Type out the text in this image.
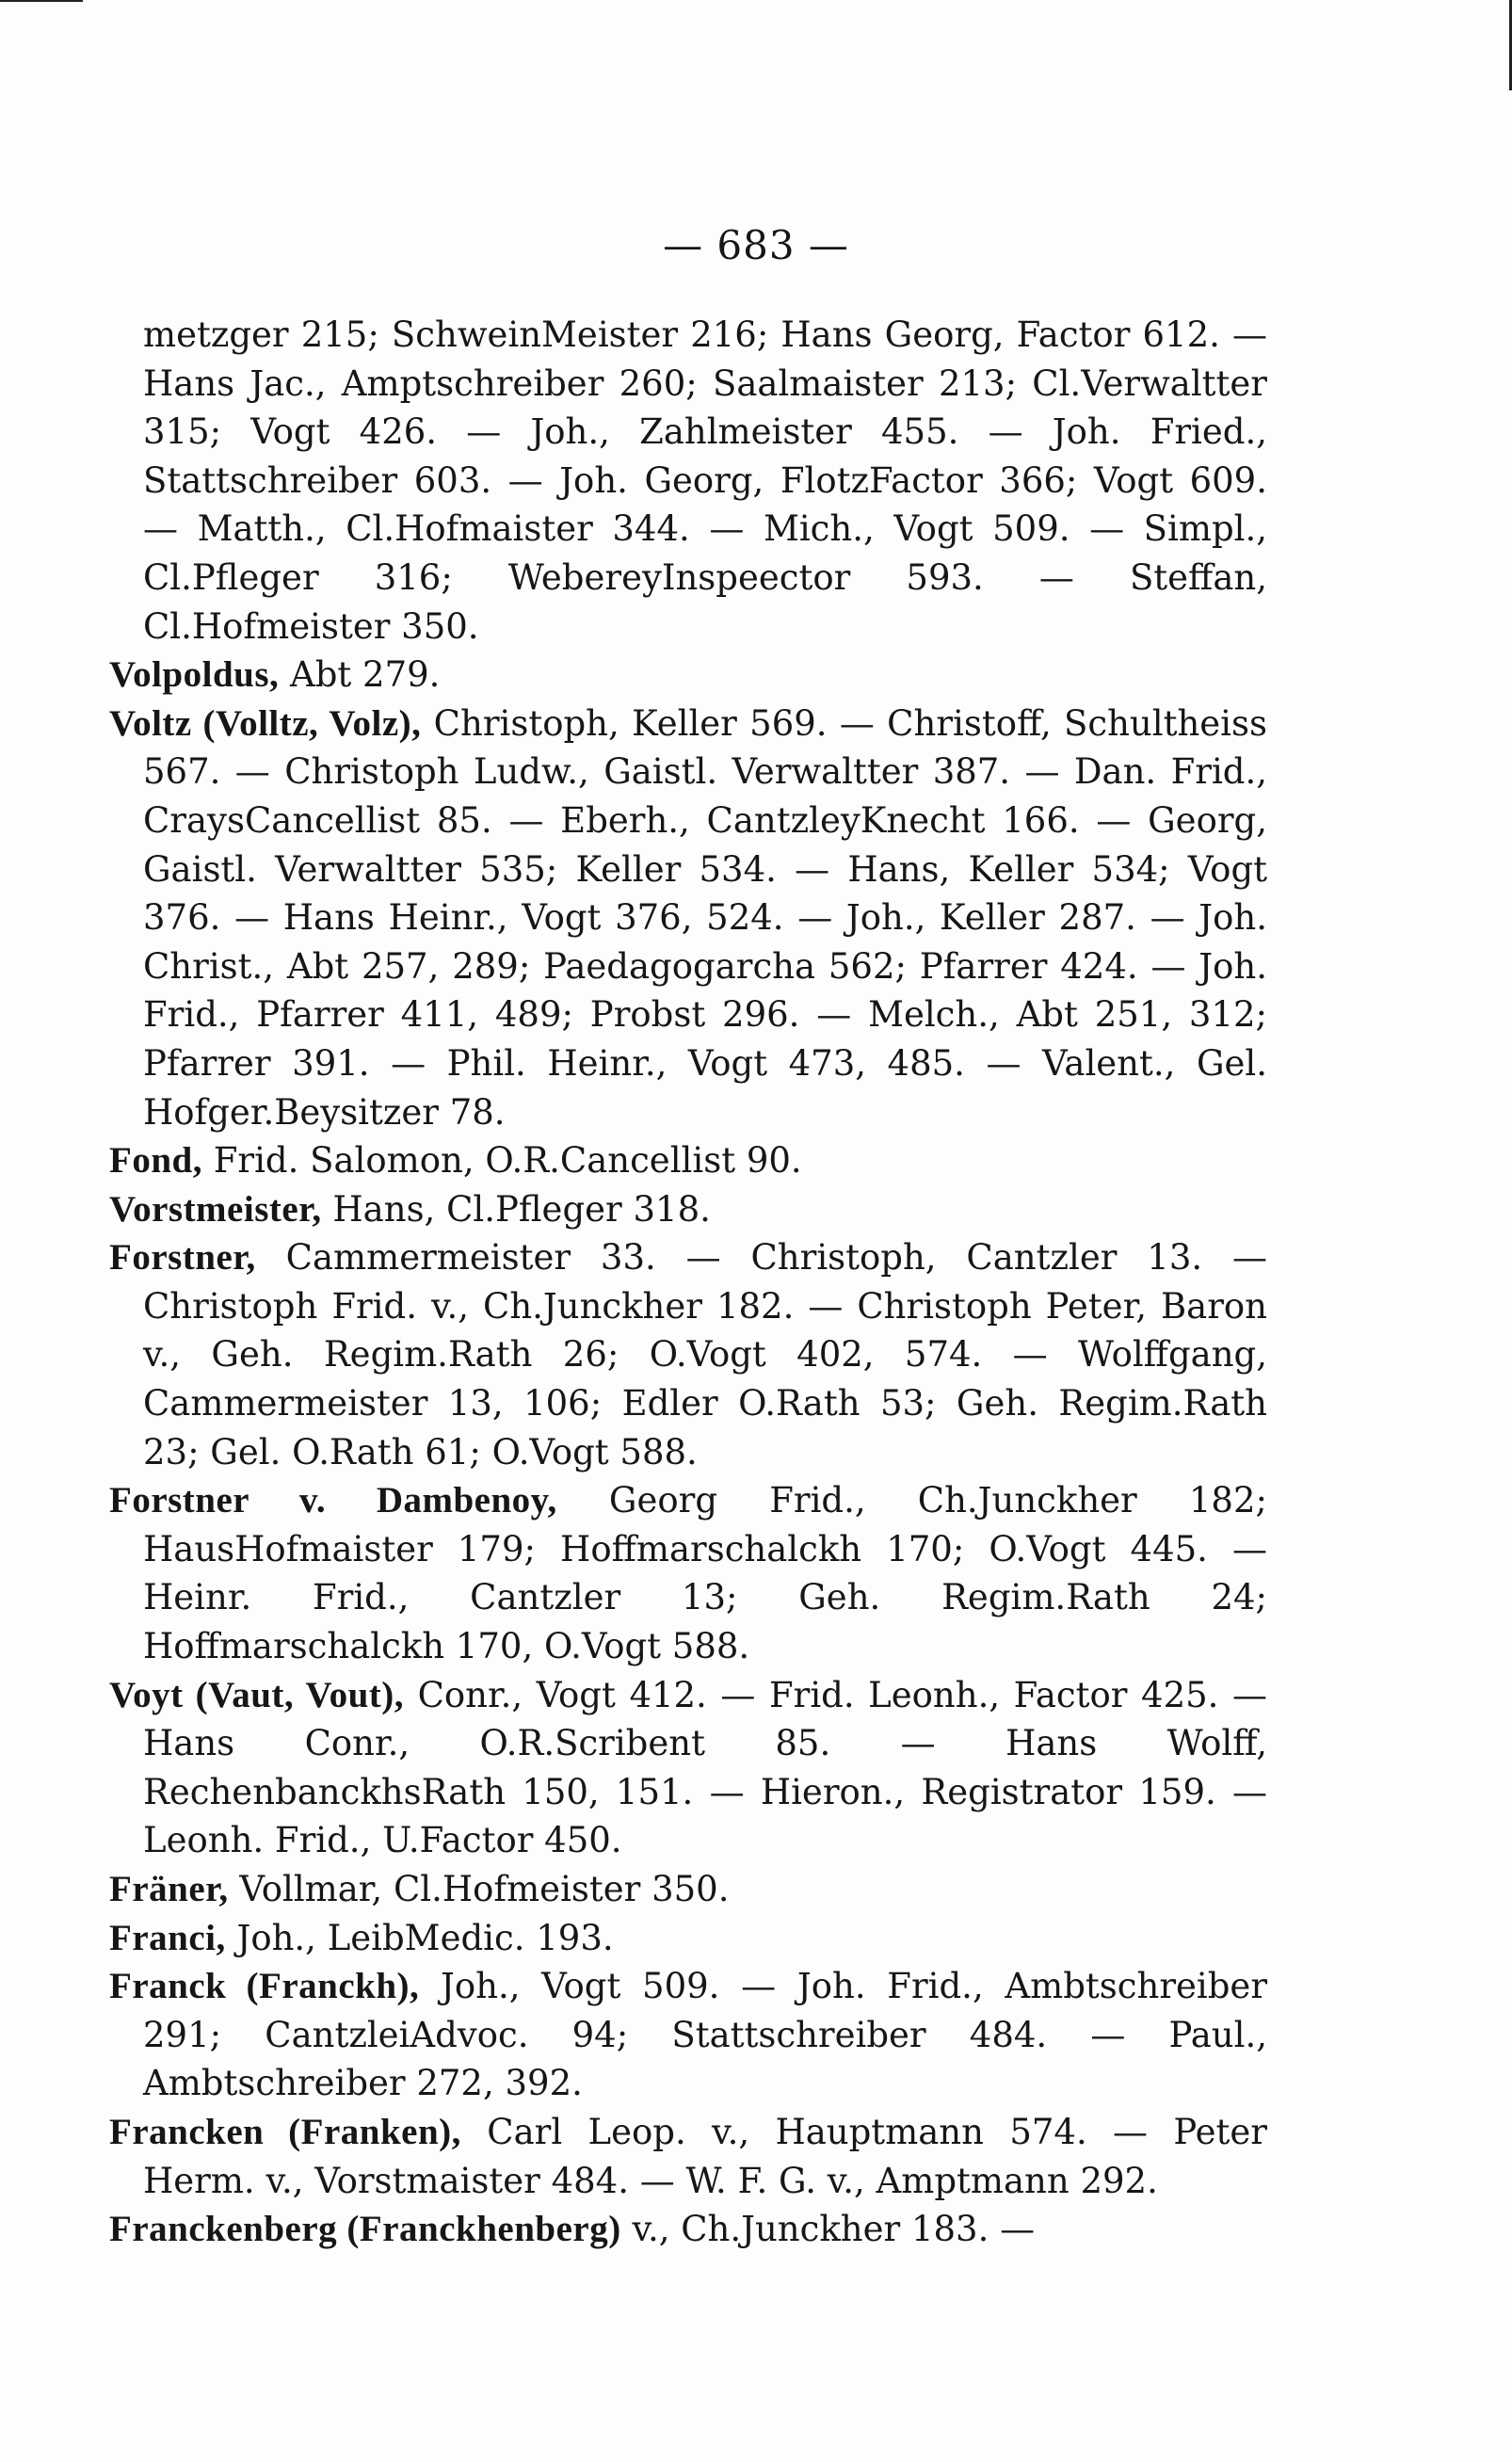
— 683 —

metzger 215; SchweinMeister 216; Hans Georg, Factor 612. — Hans Jac., Amptschreiber 260; Saalmaister 213; Cl.Verwaltter 315; Vogt 426. — Joh., Zahlmeister 455. — Joh. Fried., Stattschreiber 603. — Joh. Georg, FlotzFactor 366; Vogt 609. — Matth., Cl.Hofmaister 344. — Mich., Vogt 509. — Simpl., Cl.Pfleger 316; WebereyInspeector 593. — Steffan, Cl.Hofmeister 350.

Volpoldus, Abt 279.

Voltz (Volltz, Volz), Christoph, Keller 569. — Christoff, Schultheiss 567. — Christoph Ludw., Gaistl. Verwaltter 387. — Dan. Frid., CraysCancellist 85. — Eberh., CantzleyKnecht 166. — Georg, Gaistl. Verwaltter 535; Keller 534. — Hans, Keller 534; Vogt 376. — Hans Heinr., Vogt 376, 524. — Joh., Keller 287. — Joh. Christ., Abt 257, 289; Paedagogarcha 562; Pfarrer 424. — Joh. Frid., Pfarrer 411, 489; Probst 296. — Melch., Abt 251, 312; Pfarrer 391. — Phil. Heinr., Vogt 473, 485. — Valent., Gel. Hofger.Beysitzer 78.

Fond, Frid. Salomon, O.R.Cancellist 90.

Vorstmeister, Hans, Cl.Pfleger 318.

Forstner, Cammermeister 33. — Christoph, Cantzler 13. — Christoph Frid. v., Ch.Junckher 182. — Christoph Peter, Baron v., Geh. Regim.Rath 26; O.Vogt 402, 574. — Wolffgang, Cammermeister 13, 106; Edler O.Rath 53; Geh. Regim.Rath 23; Gel. O.Rath 61; O.Vogt 588.

Forstner v. Dambenoy, Georg Frid., Ch.Junckher 182; HausHofmaister 179; Hoffmarschalckh 170; O.Vogt 445. — Heinr. Frid., Cantzler 13; Geh. Regim.Rath 24; Hoffmarschalckh 170, O.Vogt 588.

Voyt (Vaut, Vout), Conr., Vogt 412. — Frid. Leonh., Factor 425. — Hans Conr., O.R.Scribent 85. — Hans Wolff, RechenbanckhsRath 150, 151. — Hieron., Registrator 159. — Leonh. Frid., U.Factor 450.

Fräner, Vollmar, Cl.Hofmeister 350.

Franci, Joh., LeibMedic. 193.

Franck (Franckh), Joh., Vogt 509. — Joh. Frid., Ambtschreiber 291; CantzleiAdvoc. 94; Stattschreiber 484. — Paul., Ambtschreiber 272, 392.

Francken (Franken), Carl Leop. v., Hauptmann 574. — Peter Herm. v., Vorstmaister 484. — W. F. G. v., Amptmann 292.

Franckenberg (Franckhenberg) v., Ch.Junckher 183. —
